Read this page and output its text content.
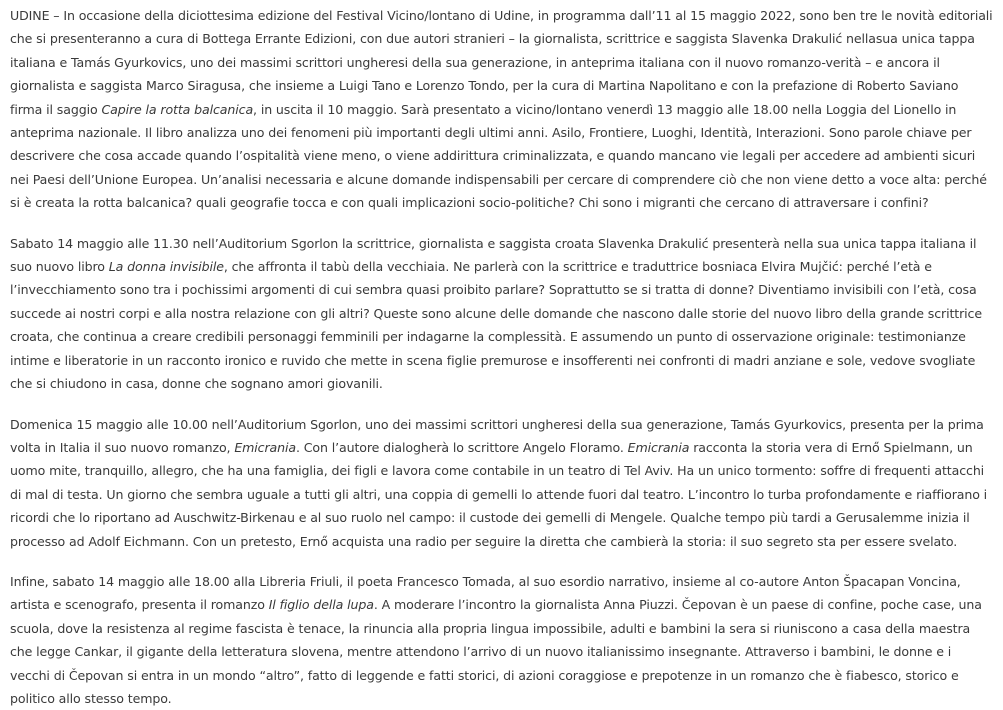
UDINE – In occasione della diciottesima edizione del Festival Vicino/lontano di Udine, in programma dall’11 al 15 maggio 2022, sono ben tre le novità editoriali che si presenteranno a cura di Bottega Errante Edizioni, con due autori stranieri – la giornalista, scrittrice e saggista Slavenka Drakulić nellasua unica tappa italiana e Tamás Gyurkovics, uno dei massimi scrittori ungheresi della sua generazione, in anteprima italiana con il nuovo romanzo-verità – e ancora il giornalista e saggista Marco Siragusa, che insieme a Luigi Tano e Lorenzo Tondo, per la cura di Martina Napolitano e con la prefazione di Roberto Saviano firma il saggio Capire la rotta balcanica, in uscita il 10 maggio. Sarà presentato a vicino/lontano venerdì 13 maggio alle 18.00 nella Loggia del Lionello in anteprima nazionale. Il libro analizza uno dei fenomeni più importanti degli ultimi anni. Asilo, Frontiere, Luoghi, Identità, Interazioni. Sono parole chiave per descrivere che cosa accade quando l’ospitalità viene meno, o viene addirittura criminalizzata, e quando mancano vie legali per accedere ad ambienti sicuri nei Paesi dell’Unione Europea. Un’analisi necessaria e alcune domande indispensabili per cercare di comprendere ciò che non viene detto a voce alta: perché si è creata la rotta balcanica? quali geografie tocca e con quali implicazioni socio-politiche? Chi sono i migranti che cercano di attraversare i confini?

Sabato 14 maggio alle 11.30 nell’Auditorium Sgorlon la scrittrice, giornalista e saggista croata Slavenka Drakulić presenterà nella sua unica tappa italiana il suo nuovo libro La donna invisibile, che affronta il tabù della vecchiaia. Ne parlerà con la scrittrice e traduttrice bosniaca Elvira Mujčić: perché l’età e l’invecchiamento sono tra i pochissimi argomenti di cui sembra quasi proibito parlare? Soprattutto se si tratta di donne? Diventiamo invisibili con l’età, cosa succede ai nostri corpi e alla nostra relazione con gli altri? Queste sono alcune delle domande che nascono dalle storie del nuovo libro della grande scrittrice croata, che continua a creare credibili personaggi femminili per indagarne la complessità. E assumendo un punto di osservazione originale: testimonianze intime e liberatorie in un racconto ironico e ruvido che mette in scena figlie premurose e insofferenti nei confronti di madri anziane e sole, vedove svogliate che si chiudono in casa, donne che sognano amori giovanili.

Domenica 15 maggio alle 10.00 nell’Auditorium Sgorlon, uno dei massimi scrittori ungheresi della sua generazione, Tamás Gyurkovics, presenta per la prima volta in Italia il suo nuovo romanzo, Emicrania. Con l’autore dialogherà lo scrittore Angelo Floramo. Emicrania racconta la storia vera di Ernő Spielmann, un uomo mite, tranquillo, allegro, che ha una famiglia, dei figli e lavora come contabile in un teatro di Tel Aviv. Ha un unico tormento: soffre di frequenti attacchi di mal di testa. Un giorno che sembra uguale a tutti gli altri, una coppia di gemelli lo attende fuori dal teatro. L’incontro lo turba profondamente e riaffiorano i ricordi che lo riportano ad Auschwitz-Birkenau e al suo ruolo nel campo: il custode dei gemelli di Mengele. Qualche tempo più tardi a Gerusalemme inizia il processo ad Adolf Eichmann. Con un pretesto, Ernő acquista una radio per seguire la diretta che cambierà la storia: il suo segreto sta per essere svelato.

Infine, sabato 14 maggio alle 18.00 alla Libreria Friuli, il poeta Francesco Tomada, al suo esordio narrativo, insieme al co-autore Anton Špacapan Voncina, artista e scenografo, presenta il romanzo Il figlio della lupa. A moderare l’incontro la giornalista Anna Piuzzi. Čepovan è un paese di confine, poche case, una scuola, dove la resistenza al regime fascista è tenace, la rinuncia alla propria lingua impossibile, adulti e bambini la sera si riuniscono a casa della maestra che legge Cankar, il gigante della letteratura slovena, mentre attendono l’arrivo di un nuovo italianissimo insegnante. Attraverso i bambini, le donne e i vecchi di Čepovan si entra in un mondo “altro”, fatto di leggende e fatti storici, di azioni coraggiose e prepotenze in un romanzo che è fiabesco, storico e politico allo stesso tempo.
